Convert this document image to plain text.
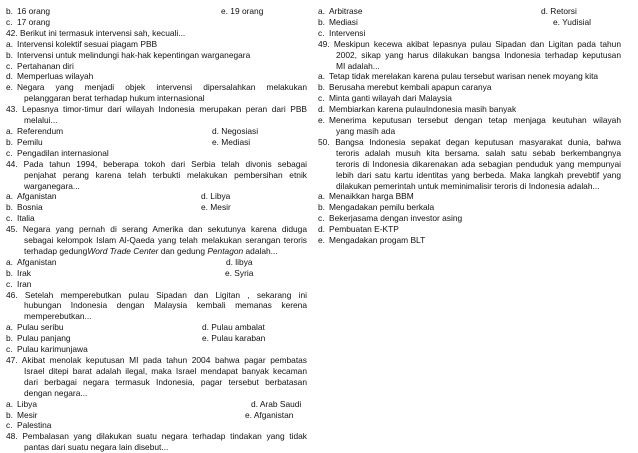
b. 16 orang	e. 19 orang
c. 17 orang
42. Berikut ini termasuk intervensi sah, kecuali...
a. Intervensi kolektif sesuai piagam PBB
b. Intervensi untuk melindungi hak-hak kepentingan warganegara
c. Pertahanan diri
d. Memperluas wilayah
e. Negara yang menjadi objek intervensi dipersalahkan melakukan
pelanggaran berat terhadap hukum internasional
43. Lepasnya timor-timur dari wilayah Indonesia merupakan peran dari PBB
melalui...
a. Referendum	d. Negosiasi
b. Pemilu	e. Mediasi
c. Pengadilan internasional
44. Pada tahun 1994, beberapa tokoh dari Serbia telah divonis sebagai
penjahat perang karena telah terbukti melakukan pembersihan etnik
warganegara...
a. Afganistan	d. Libya
b. Bosnia	e. Mesir
c. Italia
45. Negara yang pernah di serang Amerika dan sekutunya karena diduga
sebagai kelompok Islam Al-Qaeda yang telah melakukan serangan teroris
terhadap gedungWord Trade Center dan gedung Pentagon adalah...
a. Afganistan	d. libya
b. Irak	e. Syria
c. Iran
46. Setelah memperebutkan pulau Sipadan dan Ligitan , sekarang ini
hubungan Indonesia dengan Malaysia kembali memanas kerena
memperebutkan...
a. Pulau seribu	d. Pulau ambalat
b. Pulau panjang	e. Pulau karaban
c. Pulau karimunjawa
47. Akibat menolak keputusan MI pada tahun 2004 bahwa pagar pembatas
Israel ditepi barat adalah ilegal, maka Israel mendapat banyak kecaman
dari berbagai negara termasuk Indonesia, pagar tersebut berbatasan
dengan negara...
a. Libya	d. Arab Saudi
b. Mesir	e. Afganistan
c. Palestina
48. Pembalasan yang dilakukan suatu negara terhadap tindakan yang tidak
pantas dari suatu negara lain disebut...
a. Arbitrase	d. Retorsi
b. Mediasi	e. Yudisial
c. Intervensi
49. Meskipun kecewa akibat lepasnya pulau Sipadan dan Ligitan pada tahun
2002, sikap yang harus dilakukan bangsa Indonesia terhadap keputusan
MI adalah...
a. Tetap tidak merelakan karena pulau tersebut warisan nenek moyang kita
b. Berusaha merebut kembali apapun caranya
c. Minta ganti wilayah dari Malaysia
d. Membiarkan karena pulauIndonesia masih banyak
e. Menerima keputusan tersebut dengan tetap menjaga keutuhan wilayah
yang masih ada
50. Bangsa Indonesia sepakat degan keputusan masyarakat dunia, bahwa
teroris adalah musuh kita bersama. salah satu sebab berkembangnya
teroris di Indonesia dikarenakan ada sebagian penduduk yang mempunyai
lebih dari satu kartu identitas yang berbeda. Maka langkah prevebtif yang
dilakukan pemerintah untuk meminimalisir teroris di Indonesia adalah...
a. Menaikkan harga BBM
b. Mengadakan pemilu berkala
c. Bekerjasama dengan investor asing
d. Pembuatan E-KTP
e. Mengadakan progam BLT
